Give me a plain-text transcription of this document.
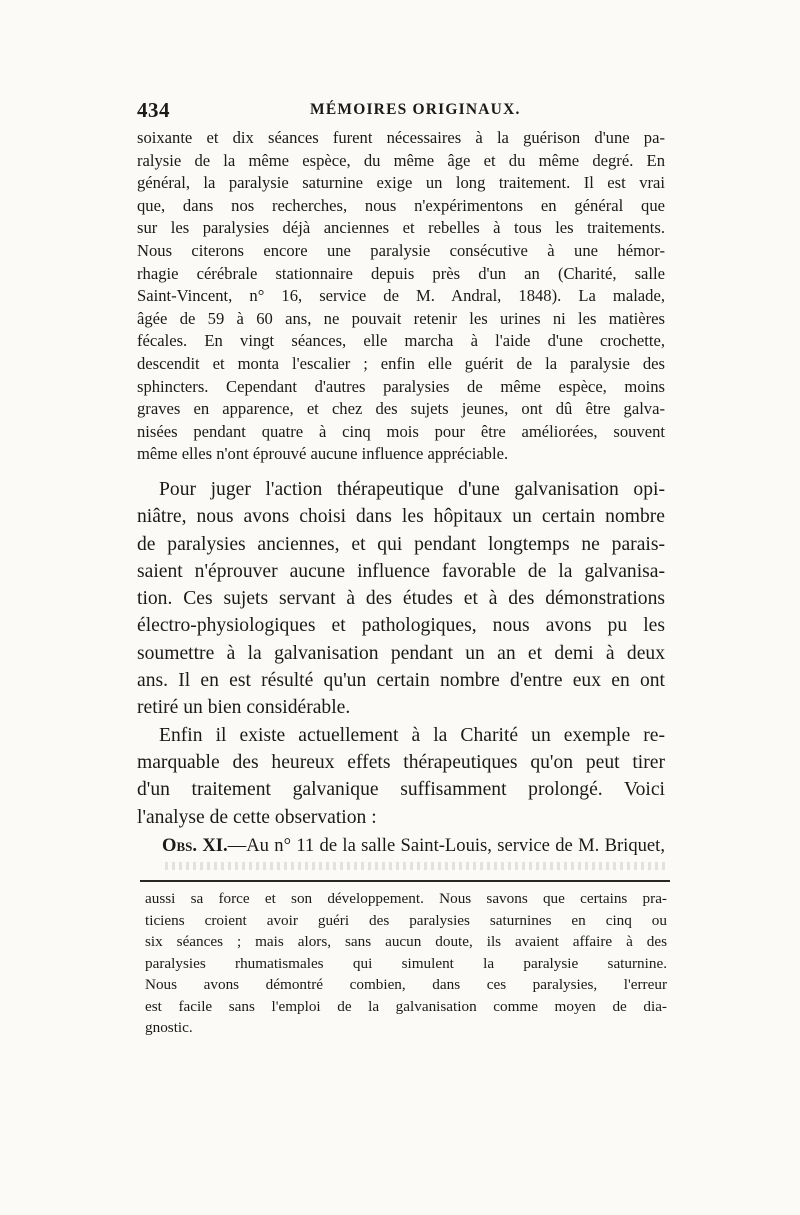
434	MÉMOIRES ORIGINAUX.
soixante et dix séances furent nécessaires à la guérison d'une pa-
ralysie de la même espèce, du même âge et du même degré. En
général, la paralysie saturnine exige un long traitement. Il est vrai
que, dans nos recherches, nous n'expérimentons en général que
sur les paralysies déjà anciennes et rebelles à tous les traitements.
Nous citerons encore une paralysie consécutive à une hémor-
rhagie cérébrale stationnaire depuis près d'un an (Charité, salle
Saint-Vincent, n° 16, service de M. Andral, 1848). La malade,
âgée de 59 à 60 ans, ne pouvait retenir les urines ni les matières
fécales. En vingt séances, elle marcha à l'aide d'une crochette,
descendit et monta l'escalier ; enfin elle guérit de la paralysie des
sphincters. Cependant d'autres paralysies de même espèce, moins
graves en apparence, et chez des sujets jeunes, ont dû être galva-
nisées pendant quatre à cinq mois pour être améliorées, souvent
même elles n'ont éprouvé aucune influence appréciable.
Pour juger l'action thérapeutique d'une galvanisation opi-
niâtre, nous avons choisi dans les hôpitaux un certain nombre
de paralysies anciennes, et qui pendant longtemps ne parais-
saient n'éprouver aucune influence favorable de la galvanisa-
tion. Ces sujets servant à des études et à des démonstrations
électro-physiologiques et pathologiques, nous avons pu les
soumettre à la galvanisation pendant un an et demi à deux
ans. Il en est résulté qu'un certain nombre d'entre eux en ont
retiré un bien considérable.
Enfin il existe actuellement à la Charité un exemple re-
marquable des heureux effets thérapeutiques qu'on peut tirer
d'un traitement galvanique suffisamment prolongé. Voici
l'analyse de cette observation :
Obs. XI.—Au n° 11 de la salle Saint-Louis, service de M. Briquet,
aussi sa force et son développement. Nous savons que certains pra-
ticiens croient avoir guéri des paralysies saturnines en cinq ou
six séances ; mais alors, sans aucun doute, ils avaient affaire à des
paralysies rhumatismales qui simulent la paralysie saturnine.
Nous avons démontré combien, dans ces paralysies, l'erreur
est facile sans l'emploi de la galvanisation comme moyen de dia-
gnostic.
